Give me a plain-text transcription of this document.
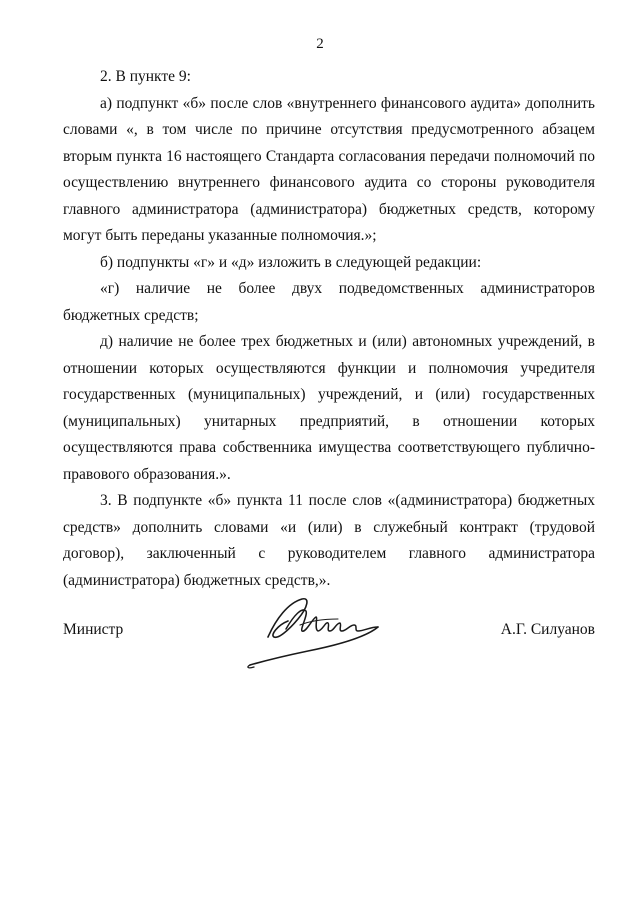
2

2. В пункте 9:

а) подпункт «б» после слов «внутреннего финансового аудита» дополнить словами «, в том числе по причине отсутствия предусмотренного абзацем вторым пункта 16 настоящего Стандарта согласования передачи полномочий по осуществлению внутреннего финансового аудита со стороны руководителя главного администратора (администратора) бюджетных средств, которому могут быть переданы указанные полномочия.»;

б) подпункты «г» и «д» изложить в следующей редакции:

«г) наличие не более двух подведомственных администраторов бюджетных средств;

д) наличие не более трех бюджетных и (или) автономных учреждений, в отношении которых осуществляются функции и полномочия учредителя государственных (муниципальных) учреждений, и (или) государственных (муниципальных) унитарных предприятий, в отношении которых осуществляются права собственника имущества соответствующего публично-правового образования.».

3. В подпункте «б» пункта 11 после слов «(администратора) бюджетных средств» дополнить словами «и (или) в служебный контракт (трудовой договор), заключенный с руководителем главного администратора (администратора) бюджетных средств,».

Министр	А.Г. Силуанов
